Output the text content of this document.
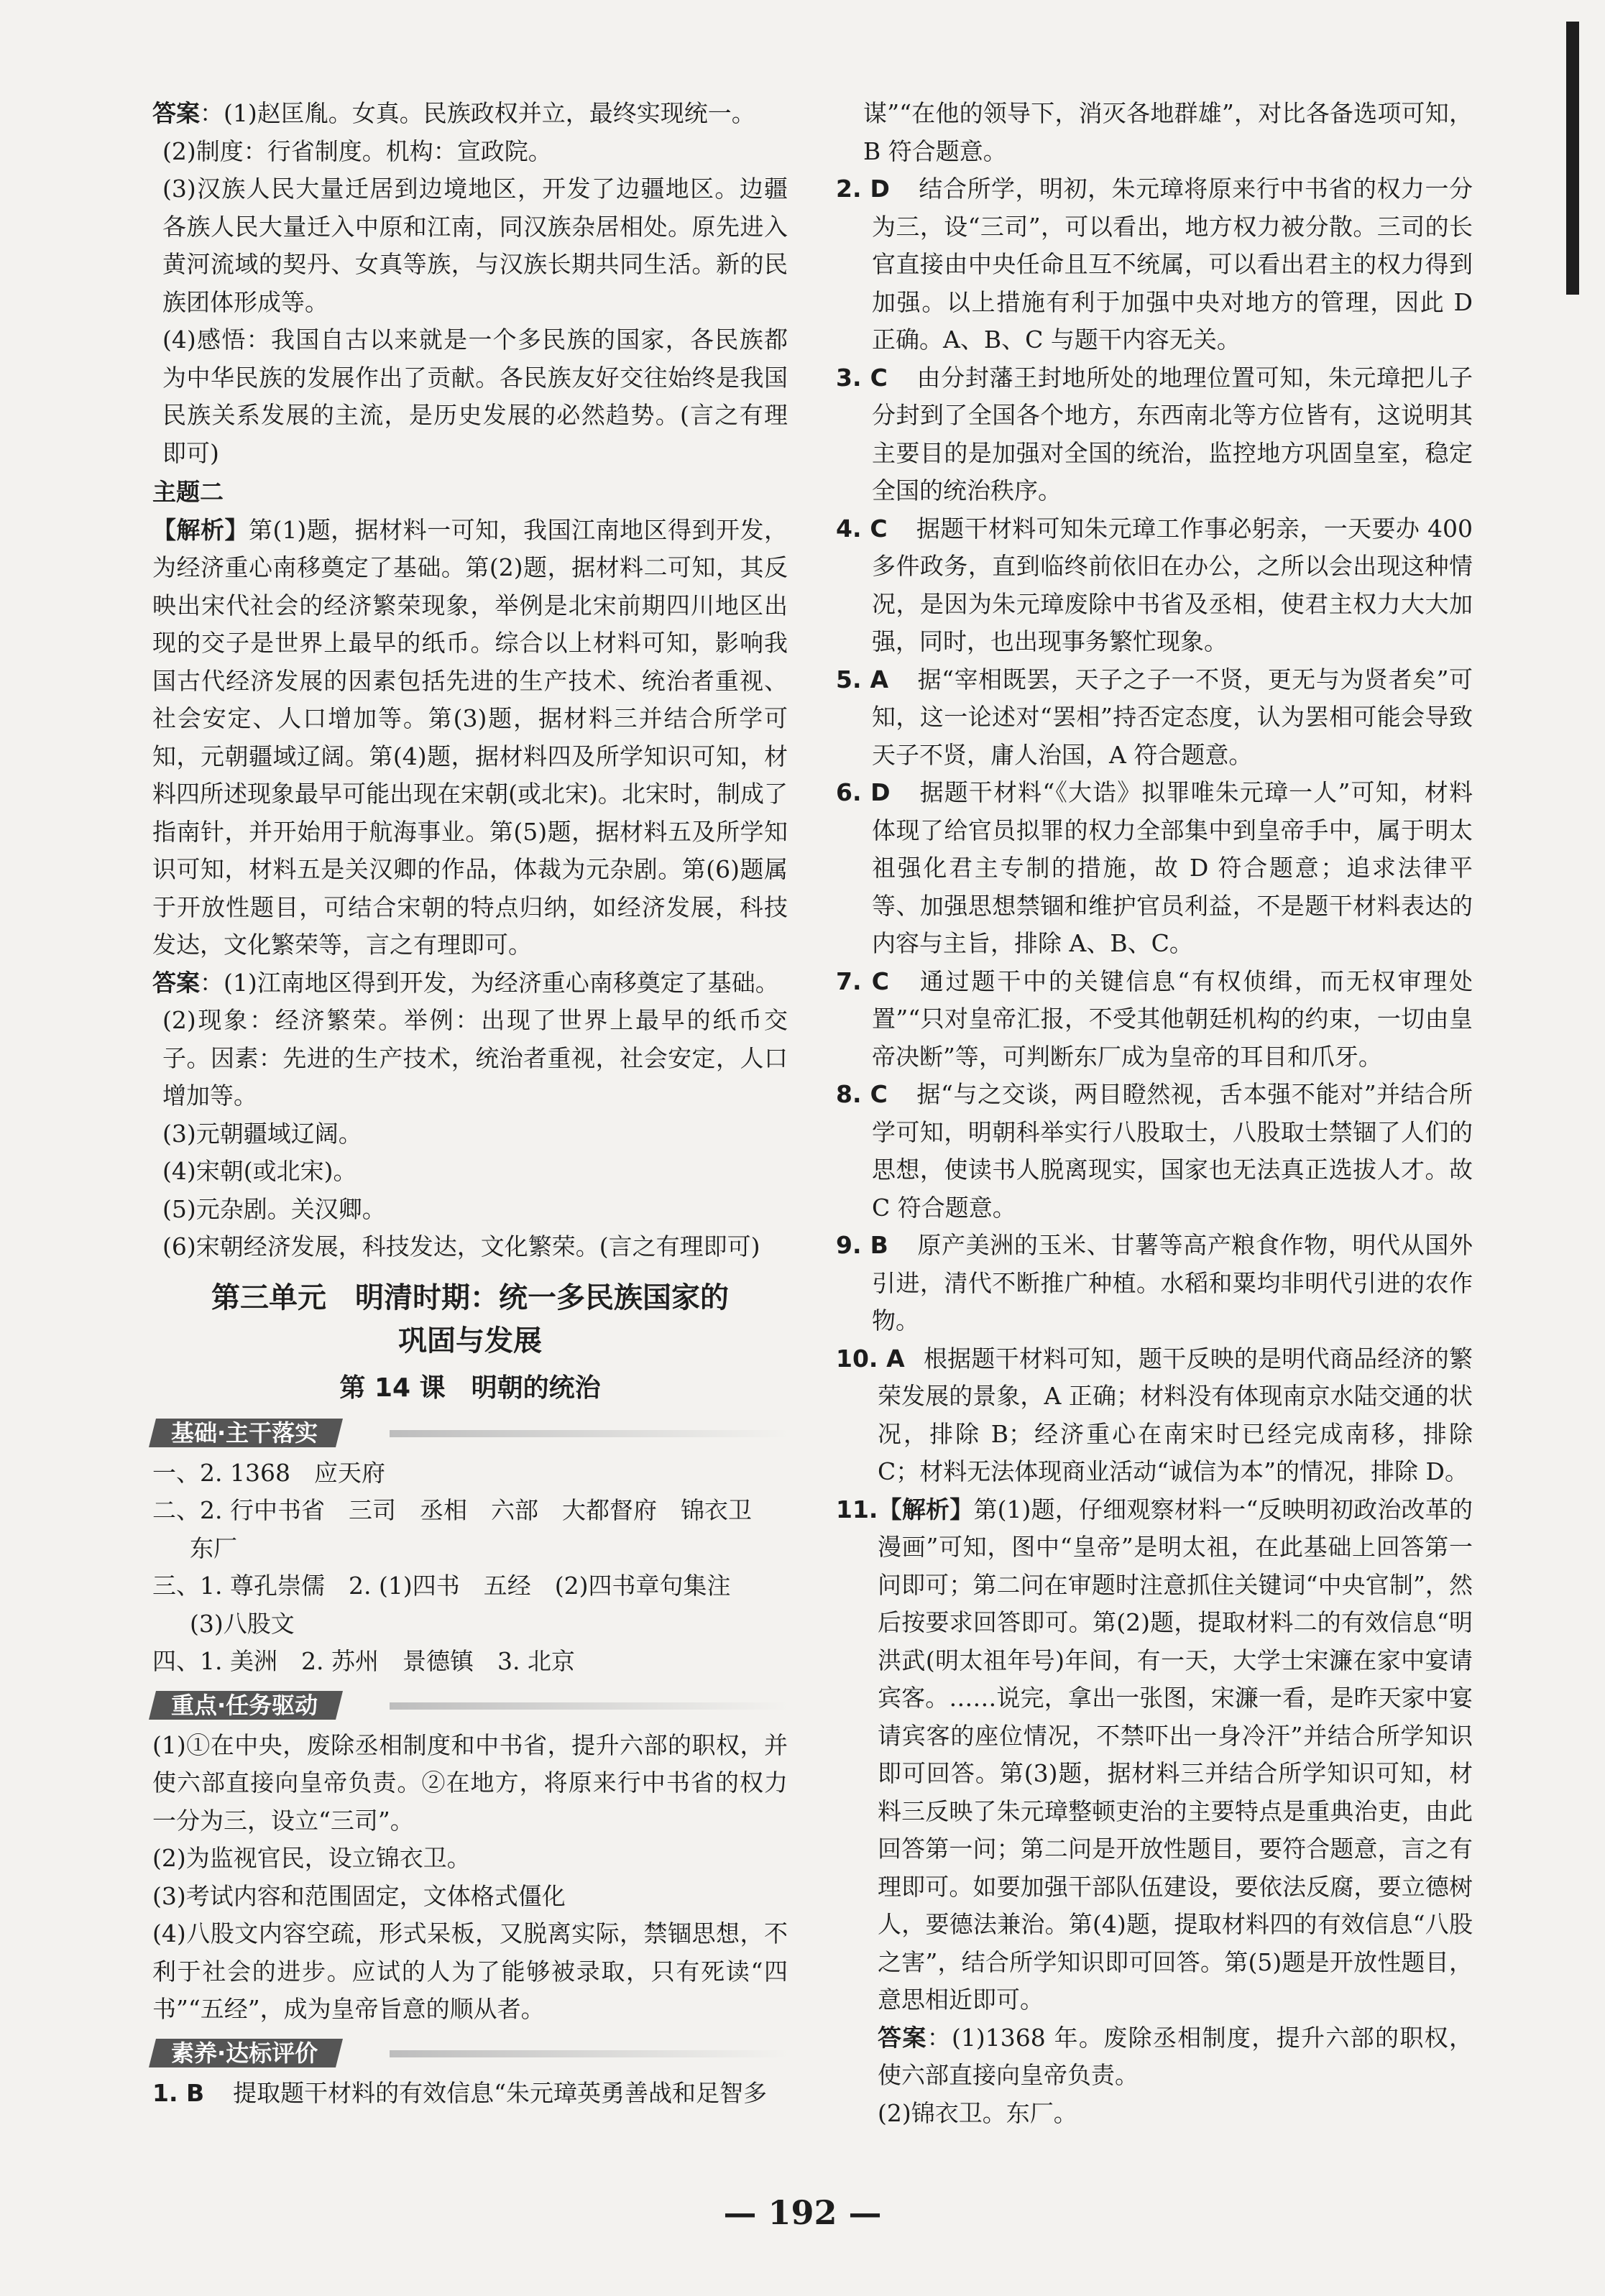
答案：(1)赵匡胤。女真。民族政权并立，最终实现统一。

(2)制度：行省制度。机构：宣政院。

(3)汉族人民大量迁居到边境地区，开发了边疆地区。边疆各族人民大量迁入中原和江南，同汉族杂居相处。原先进入黄河流域的契丹、女真等族，与汉族长期共同生活。新的民族团体形成等。

(4)感悟：我国自古以来就是一个多民族的国家，各民族都为中华民族的发展作出了贡献。各民族友好交往始终是我国民族关系发展的主流，是历史发展的必然趋势。(言之有理即可)

主题二

【解析】第(1)题，据材料一可知，我国江南地区得到开发，为经济重心南移奠定了基础。第(2)题，据材料二可知，其反映出宋代社会的经济繁荣现象，举例是北宋前期四川地区出现的交子是世界上最早的纸币。综合以上材料可知，影响我国古代经济发展的因素包括先进的生产技术、统治者重视、社会安定、人口增加等。第(3)题，据材料三并结合所学可知，元朝疆域辽阔。第(4)题，据材料四及所学知识可知，材料四所述现象最早可能出现在宋朝(或北宋)。北宋时，制成了指南针，并开始用于航海事业。第(5)题，据材料五及所学知识可知，材料五是关汉卿的作品，体裁为元杂剧。第(6)题属于开放性题目，可结合宋朝的特点归纳，如经济发展，科技发达，文化繁荣等，言之有理即可。

答案：(1)江南地区得到开发，为经济重心南移奠定了基础。

(2)现象：经济繁荣。举例：出现了世界上最早的纸币交子。因素：先进的生产技术，统治者重视，社会安定，人口增加等。

(3)元朝疆域辽阔。

(4)宋朝(或北宋)。

(5)元杂剧。关汉卿。

(6)宋朝经济发展，科技发达，文化繁荣。(言之有理即可)

第三单元　明清时期：统一多民族国家的
巩固与发展
第 14 课　明朝的统治
基础·主干落实

一、2. 1368　应天府

二、2. 行中书省　三司　丞相　六部　大都督府　锦衣卫

东厂

三、1. 尊孔崇儒　2. (1)四书　五经　(2)四书章句集注

(3)八股文

四、1. 美洲　2. 苏州　景德镇　3. 北京

重点·任务驱动

(1)①在中央，废除丞相制度和中书省，提升六部的职权，并使六部直接向皇帝负责。②在地方，将原来行中书省的权力一分为三，设立“三司”。

(2)为监视官民，设立锦衣卫。

(3)考试内容和范围固定，文体格式僵化

(4)八股文内容空疏，形式呆板，又脱离实际，禁锢思想，不利于社会的进步。应试的人为了能够被录取，只有死读“四书”“五经”，成为皇帝旨意的顺从者。

素养·达标评价

1. B 提取题干材料的有效信息“朱元璋英勇善战和足智多

谋”“在他的领导下，消灭各地群雄”，对比各备选项可知，B 符合题意。

2. D 结合所学，明初，朱元璋将原来行中书省的权力一分为三，设“三司”，可以看出，地方权力被分散。三司的长官直接由中央任命且互不统属，可以看出君主的权力得到加强。以上措施有利于加强中央对地方的管理，因此 D 正确。A、B、C 与题干内容无关。

3. C 由分封藩王封地所处的地理位置可知，朱元璋把儿子分封到了全国各个地方，东西南北等方位皆有，这说明其主要目的是加强对全国的统治，监控地方巩固皇室，稳定全国的统治秩序。

4. C 据题干材料可知朱元璋工作事必躬亲，一天要办 400 多件政务，直到临终前依旧在办公，之所以会出现这种情况，是因为朱元璋废除中书省及丞相，使君主权力大大加强，同时，也出现事务繁忙现象。

5. A 据“宰相既罢，天子之子一不贤，更无与为贤者矣”可知，这一论述对“罢相”持否定态度，认为罢相可能会导致天子不贤，庸人治国，A 符合题意。

6. D 据题干材料“《大诰》拟罪唯朱元璋一人”可知，材料体现了给官员拟罪的权力全部集中到皇帝手中，属于明太祖强化君主专制的措施，故 D 符合题意；追求法律平等、加强思想禁锢和维护官员利益，不是题干材料表达的内容与主旨，排除 A、B、C。

7. C 通过题干中的关键信息“有权侦缉，而无权审理处置”“只对皇帝汇报，不受其他朝廷机构的约束，一切由皇帝决断”等，可判断东厂成为皇帝的耳目和爪牙。

8. C 据“与之交谈，两目瞪然视，舌本强不能对”并结合所学可知，明朝科举实行八股取士，八股取士禁锢了人们的思想，使读书人脱离现实，国家也无法真正选拔人才。故 C 符合题意。

9. B 原产美洲的玉米、甘薯等高产粮食作物，明代从国外引进，清代不断推广种植。水稻和粟均非明代引进的农作物。

10. A 根据题干材料可知，题干反映的是明代商品经济的繁荣发展的景象，A 正确；材料没有体现南京水陆交通的状况，排除 B；经济重心在南宋时已经完成南移，排除 C；材料无法体现商业活动“诚信为本”的情况，排除 D。

11.【解析】第(1)题，仔细观察材料一“反映明初政治改革的漫画”可知，图中“皇帝”是明太祖，在此基础上回答第一问即可；第二问在审题时注意抓住关键词“中央官制”，然后按要求回答即可。第(2)题，提取材料二的有效信息“明洪武(明太祖年号)年间，有一天，大学士宋濂在家中宴请宾客。……说完，拿出一张图，宋濂一看，是昨天家中宴请宾客的座位情况，不禁吓出一身冷汗”并结合所学知识即可回答。第(3)题，据材料三并结合所学知识可知，材料三反映了朱元璋整顿吏治的主要特点是重典治吏，由此回答第一问；第二问是开放性题目，要符合题意，言之有理即可。如要加强干部队伍建设，要依法反腐，要立德树人，要德法兼治。第(4)题，提取材料四的有效信息“八股之害”，结合所学知识即可回答。第(5)题是开放性题目，意思相近即可。

答案：(1)1368 年。废除丞相制度，提升六部的职权，使六部直接向皇帝负责。

(2)锦衣卫。东厂。

— 192 —
